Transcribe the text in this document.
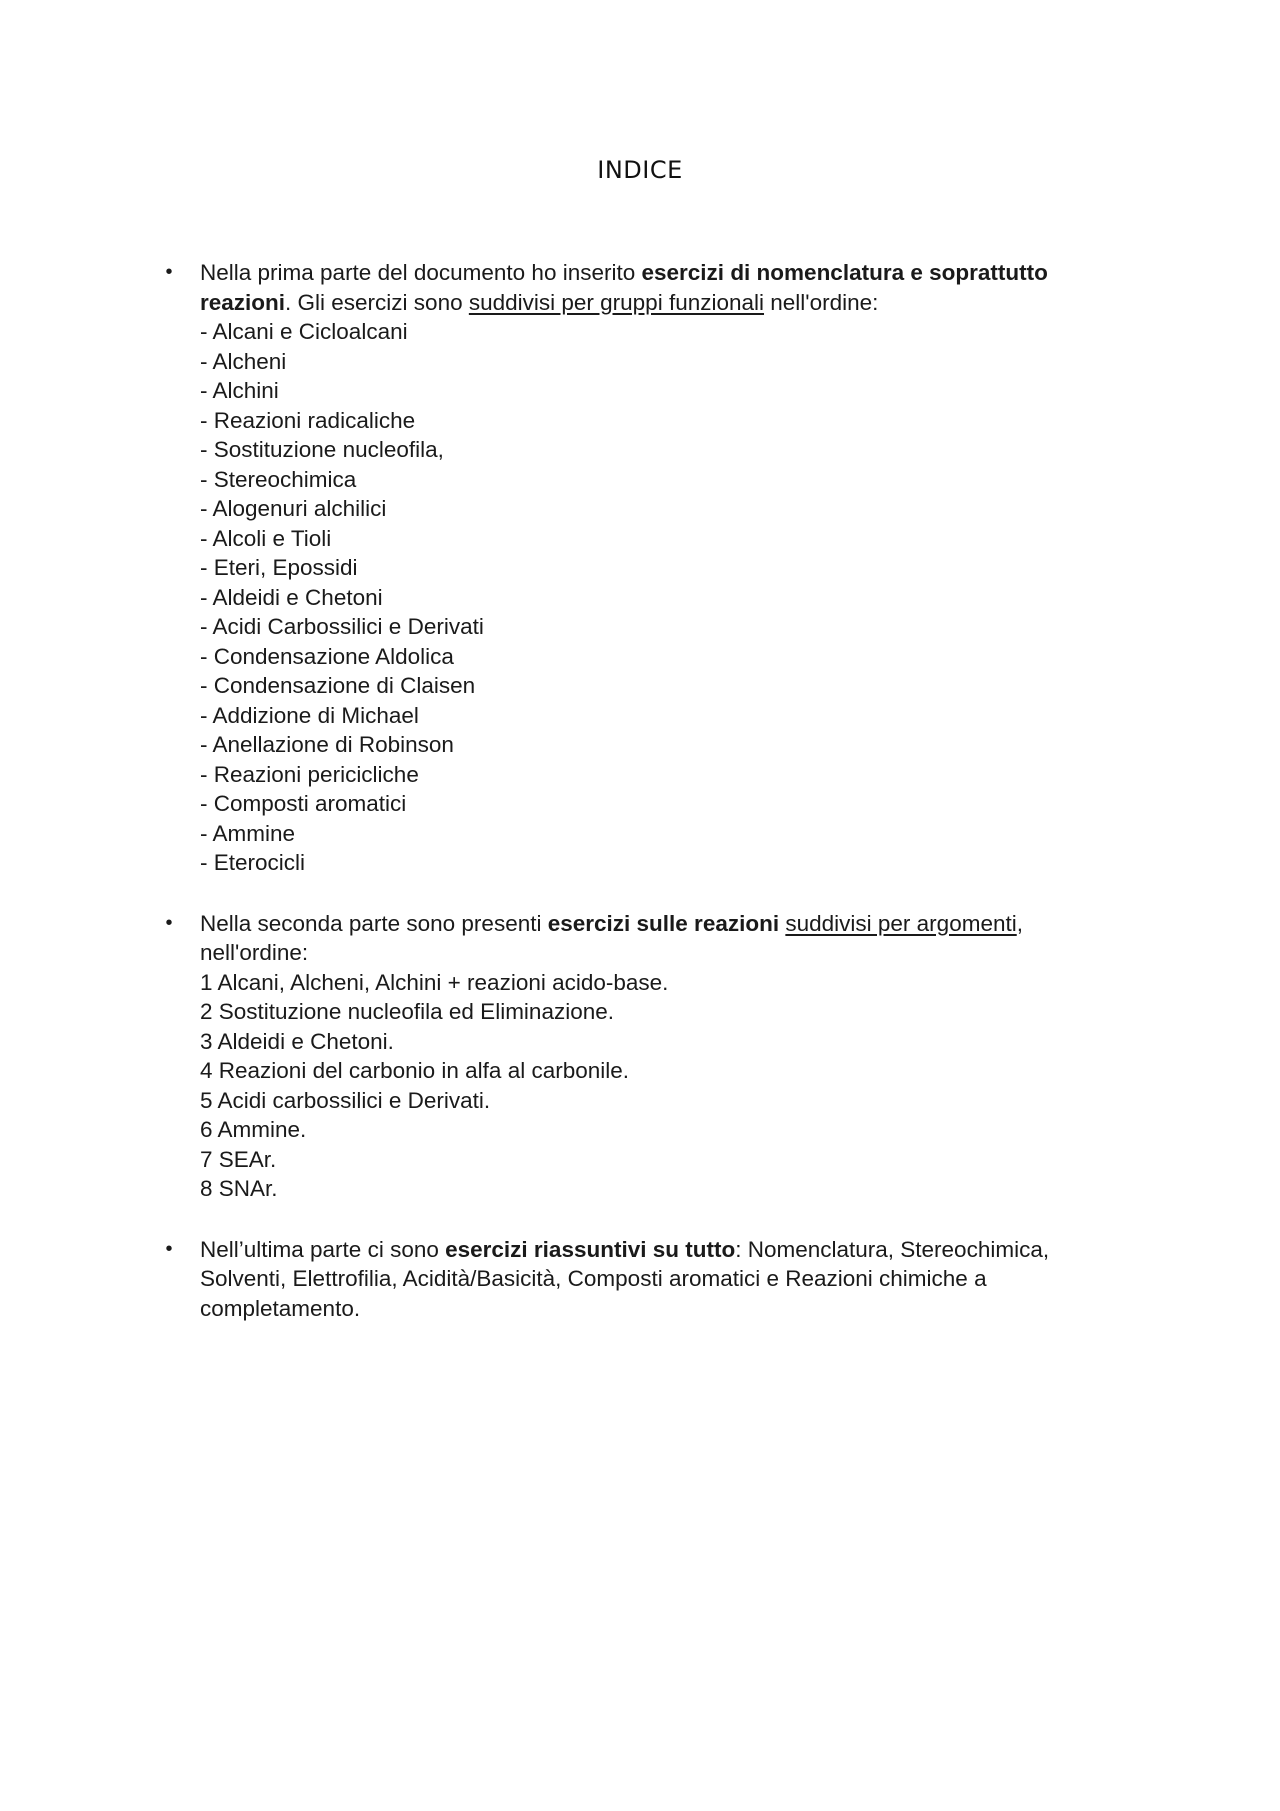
INDICE
• Nella prima parte del documento ho inserito esercizi di nomenclatura e soprattutto
reazioni. Gli esercizi sono suddivisi per gruppi funzionali nell'ordine:
- Alcani e Cicloalcani
- Alcheni
- Alchini
- Reazioni radicaliche
- Sostituzione nucleofila,
- Stereochimica
- Alogenuri alchilici
- Alcoli e Tioli
- Eteri, Epossidi
- Aldeidi e Chetoni
- Acidi Carbossilici e Derivati
- Condensazione Aldolica
- Condensazione di Claisen
- Addizione di Michael
- Anellazione di Robinson
- Reazioni pericicliche
- Composti aromatici
- Ammine
- Eterocicli
• Nella seconda parte sono presenti esercizi sulle reazioni suddivisi per argomenti,
nell'ordine:
1 Alcani, Alcheni, Alchini + reazioni acido-base.
2 Sostituzione nucleofila ed Eliminazione.
3 Aldeidi e Chetoni.
4 Reazioni del carbonio in alfa al carbonile.
5 Acidi carbossilici e Derivati.
6 Ammine.
7 SEAr.
8 SNAr.
• Nell’ultima parte ci sono esercizi riassuntivi su tutto: Nomenclatura, Stereochimica,
Solventi, Elettrofilia, Acidità/Basicità, Composti aromatici e Reazioni chimiche a
completamento.
